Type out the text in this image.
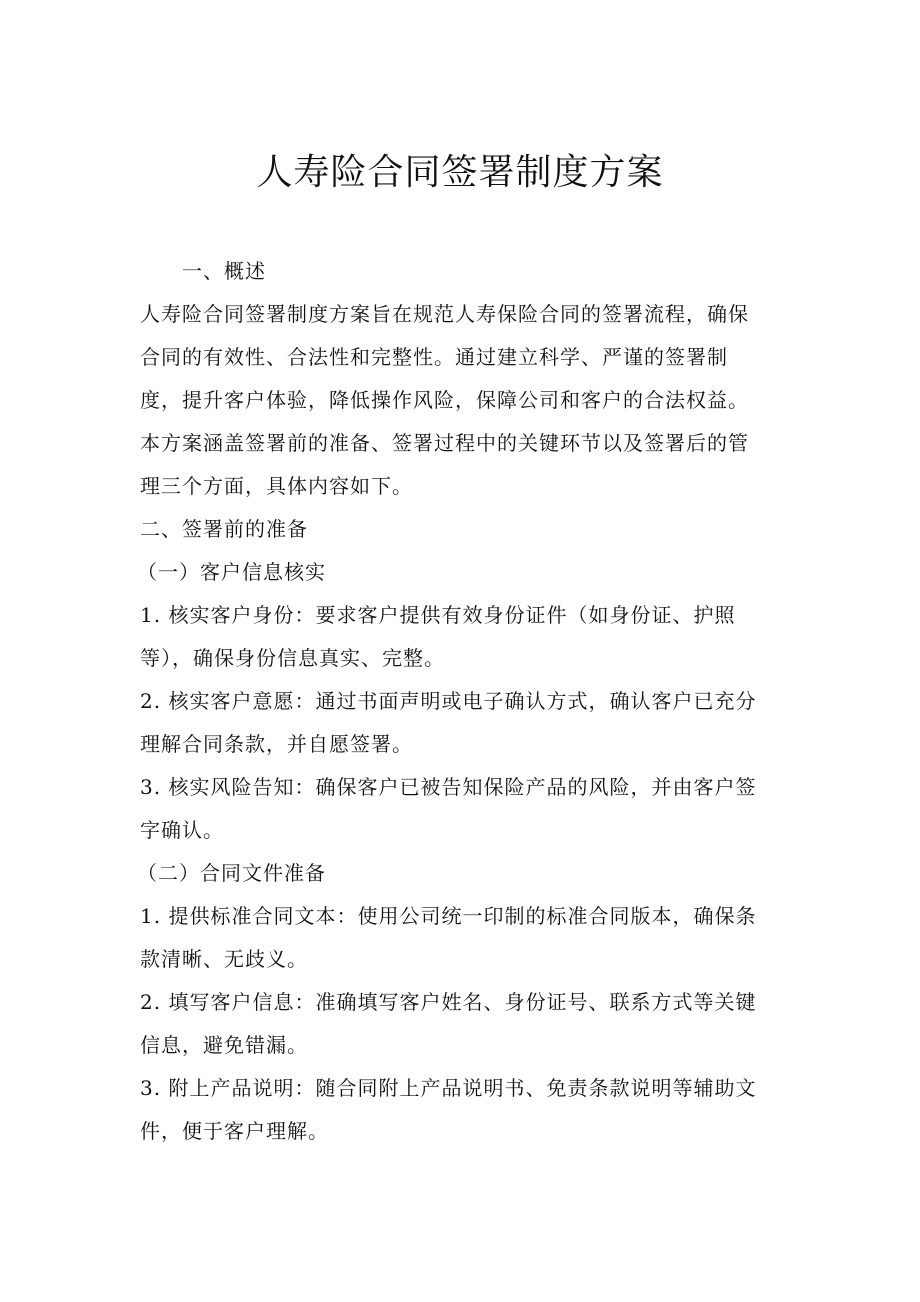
人寿险合同签署制度方案
一、概述
人寿险合同签署制度方案旨在规范人寿保险合同的签署流程，确保
合同的有效性、合法性和完整性。通过建立科学、严谨的签署制
度，提升客户体验，降低操作风险，保障公司和客户的合法权益。
本方案涵盖签署前的准备、签署过程中的关键环节以及签署后的管
理三个方面，具体内容如下。
二、签署前的准备
（一）客户信息核实
1. 核实客户身份：要求客户提供有效身份证件（如身份证、护照
等），确保身份信息真实、完整。
2. 核实客户意愿：通过书面声明或电子确认方式，确认客户已充分
理解合同条款，并自愿签署。
3. 核实风险告知：确保客户已被告知保险产品的风险，并由客户签
字确认。
（二）合同文件准备
1. 提供标准合同文本：使用公司统一印制的标准合同版本，确保条
款清晰、无歧义。
2. 填写客户信息：准确填写客户姓名、身份证号、联系方式等关键
信息，避免错漏。
3. 附上产品说明：随合同附上产品说明书、免责条款说明等辅助文
件，便于客户理解。
